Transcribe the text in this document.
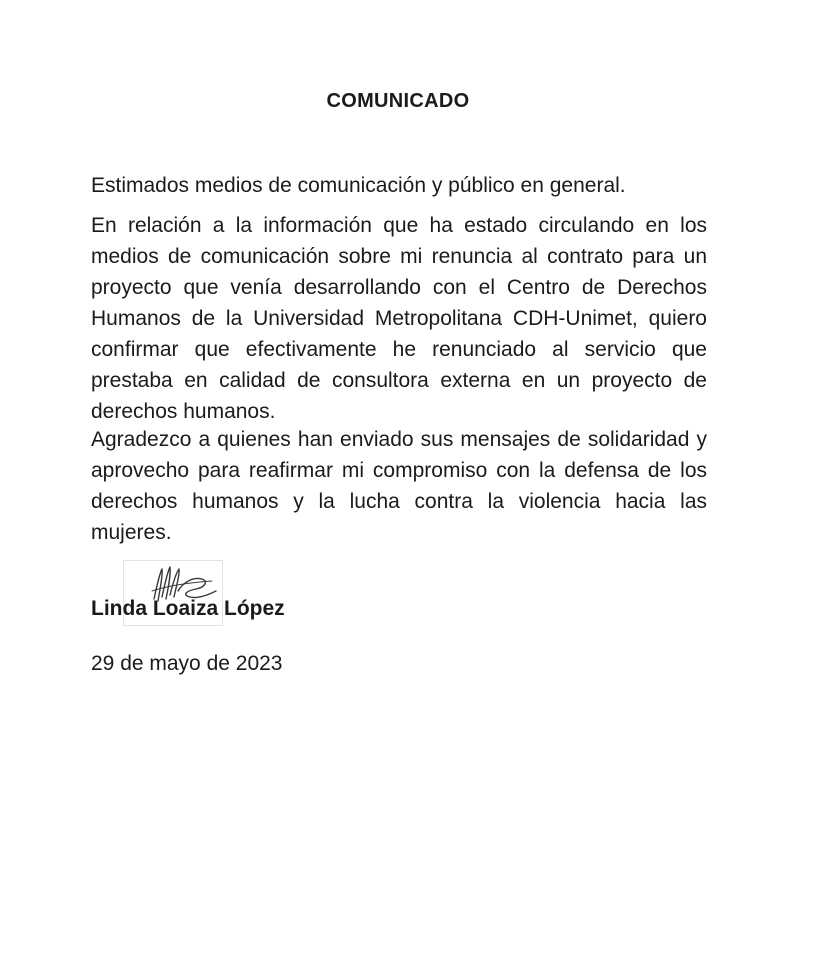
COMUNICADO
Estimados medios de comunicación y público en general.
En relación a la información que ha estado circulando en los medios de comunicación sobre mi renuncia al contrato para un proyecto que venía desarrollando con el Centro de Derechos Humanos de la Universidad Metropolitana CDH-Unimet, quiero confirmar que efectivamente he renunciado al servicio que prestaba en calidad de consultora externa en un proyecto de derechos humanos.
Agradezco a quienes han enviado sus mensajes de solidaridad y aprovecho para reafirmar mi compromiso con la defensa de los derechos humanos y la lucha contra la violencia hacia las mujeres.
Linda Loaiza López
29 de mayo de 2023
